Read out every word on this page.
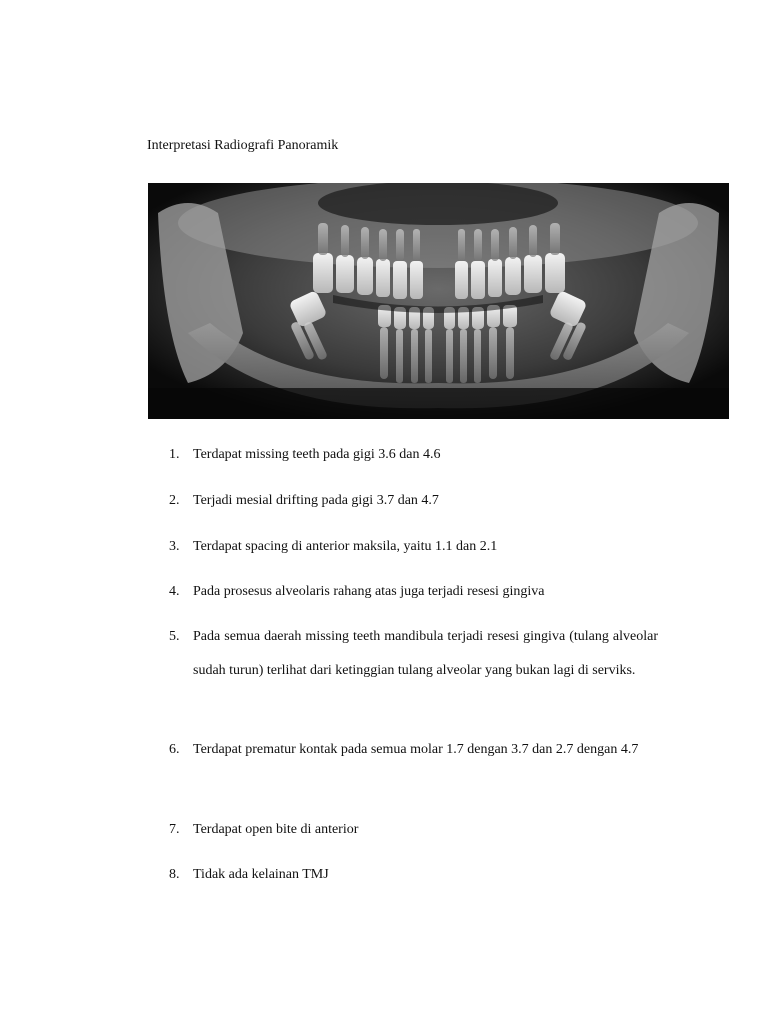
Interpretasi Radiografi Panoramik
1. Terdapat missing teeth pada gigi 3.6 dan 4.6
2. Terjadi mesial drifting pada gigi 3.7 dan 4.7
3. Terdapat spacing di anterior maksila, yaitu 1.1 dan 2.1
4. Pada prosesus alveolaris rahang atas juga terjadi resesi gingiva
5. Pada semua daerah missing teeth mandibula terjadi resesi gingiva (tulang alveolar sudah turun) terlihat dari ketinggian tulang alveolar yang bukan lagi di serviks.
6. Terdapat prematur kontak pada semua molar 1.7 dengan 3.7 dan 2.7 dengan 4.7
7. Terdapat open bite di anterior
8. Tidak ada kelainan TMJ
